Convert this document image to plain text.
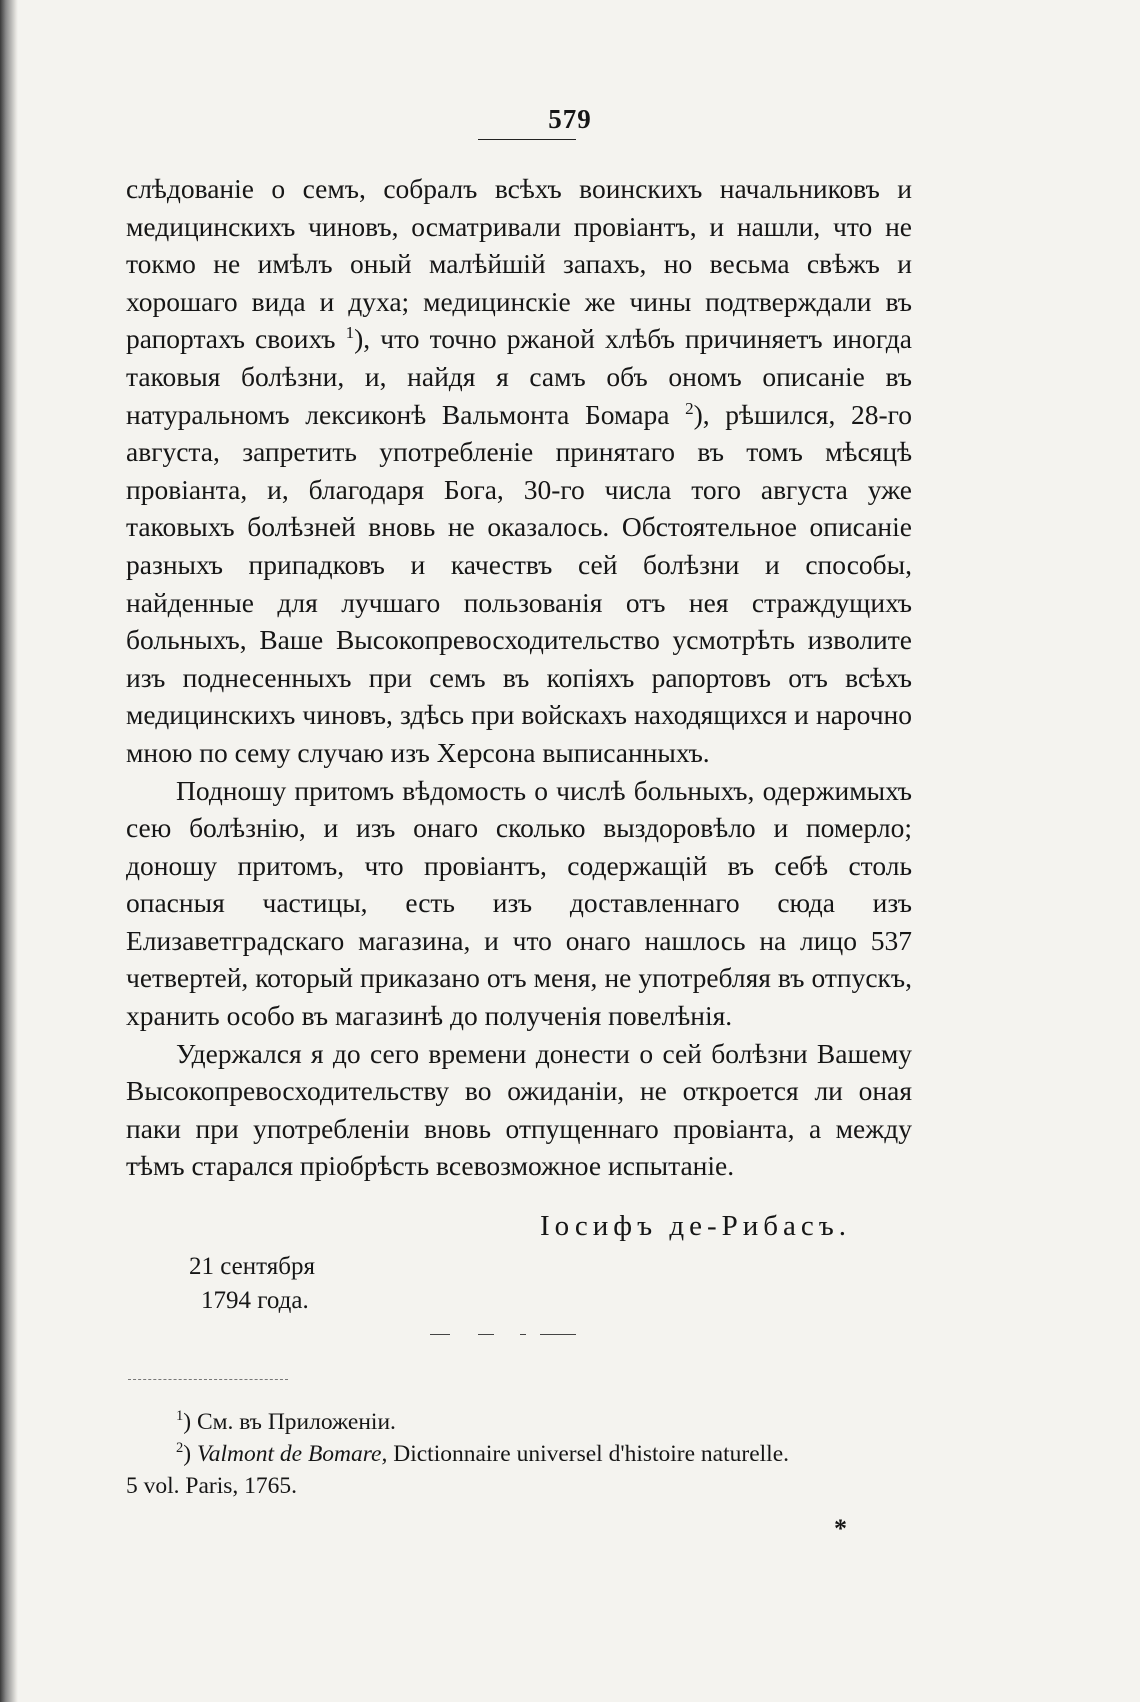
579

слѣдованіе о семъ, собралъ всѣхъ воинскихъ начальниковъ и медицинскихъ чиновъ, осматривали провіантъ, и нашли, что не токмо не имѣлъ оный малѣйшій запахъ, но весьма свѣжъ и хорошаго вида и духа; медицинскіе же чины подтверждали въ рапортахъ своихъ $^1$), что точно ржаной хлѣбъ причиняетъ иногда таковыя болѣзни, и, найдя я самъ объ ономъ описаніе въ натуральномъ лексиконѣ Вальмонта Бомара $^2$), рѣшился, 28-го августа, запретить употребленіе принятаго въ томъ мѣсяцѣ провіанта, и, благодаря Бога, 30-го числа того августа уже таковыхъ болѣзней вновь не оказалось. Обстоятельное описаніе разныхъ припадковъ и качествъ сей болѣзни и способы, найденные для лучшаго пользованія отъ нея страждущихъ больныхъ, Ваше Высокопревосходительство усмотрѣть изволите изъ поднесенныхъ при семъ въ копіяхъ рапортовъ отъ всѣхъ медицинскихъ чиновъ, здѣсь при войскахъ находящихся и нарочно мною по сему случаю изъ Херсона выписанныхъ.

Подношу притомъ вѣдомость о числѣ больныхъ, одержимыхъ сею болѣзнію, и изъ онаго сколько выздоровѣло и померло; доношу притомъ, что провіантъ, содержащій въ себѣ столь опасныя частицы, есть изъ доставленнаго сюда изъ Елизаветградскаго магазина, и что онаго нашлось на лицо 537 четвертей, который приказано отъ меня, не употребляя въ отпускъ, хранить особо въ магазинѣ до полученія повелѣнія.

Удержался я до сего времени донести о сей болѣзни Вашему Высокопревосходительству во ожиданіи, не откроется ли оная паки при употребленіи вновь отпущеннаго провіанта, а между тѣмъ старался пріобрѣсть всевозможное испытаніе.

Іосифъ де-Рибасъ.
21 сентября
1794 года.

$^1$) См. въ Приложеніи.

$^2$) Valmont de Bomare, Dictionnaire universel d'histoire naturelle.

5 vol. Paris, 1765.

*
